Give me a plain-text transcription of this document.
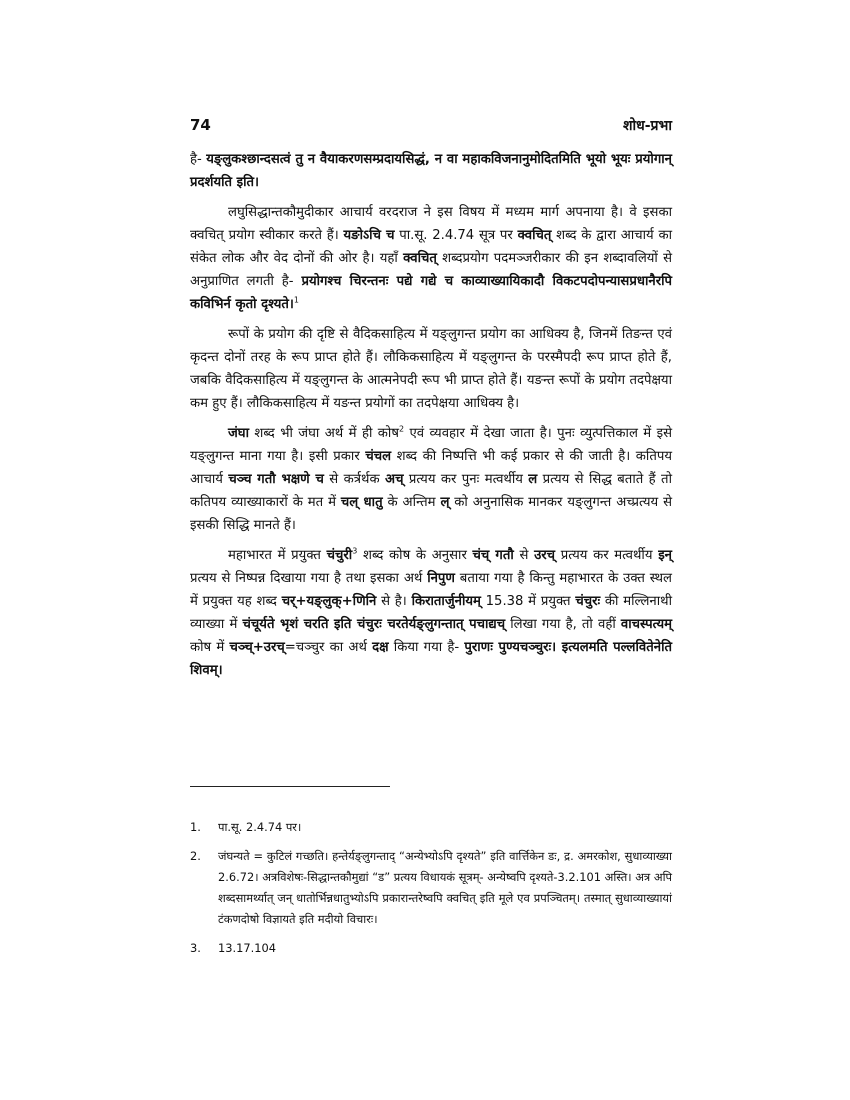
74	शोध-प्रभा

है- यङ्लुकश्छान्दसत्वं तु न वैयाकरणसम्प्रदायसिद्धं, न वा महाकविजनानुमोदितमिति भूयो भूयः प्रयोगान् प्रदर्शयति इति।

लघुसिद्धान्तकौमुदीकार आचार्य वरदराज ने इस विषय में मध्यम मार्ग अपनाया है। वे इसका क्वचित् प्रयोग स्वीकार करते हैं। यङोऽचि च पा.सू. 2.4.74 सूत्र पर क्वचित् शब्द के द्वारा आचार्य का संकेत लोक और वेद दोनों की ओर है। यहाँ क्वचित् शब्दप्रयोग पदमञ्जरीकार की इन शब्दावलियों से अनुप्राणित लगती है- प्रयोगश्च चिरन्तनः पद्ये गद्ये च काव्याख्यायिकादौ विकटपदोपन्यासप्रधानैरपि कविभिर्न कृतो दृश्यते।$^1$

रूपों के प्रयोग की दृष्टि से वैदिकसाहित्य में यङ्लुगन्त प्रयोग का आधिक्य है, जिनमें तिङन्त एवं कृदन्त दोनों तरह के रूप प्राप्त होते हैं। लौकिकसाहित्य में यङ्लुगन्त के परस्मैपदी रूप प्राप्त होते हैं, जबकि वैदिकसाहित्य में यङ्लुगन्त के आत्मनेपदी रूप भी प्राप्त होते हैं। यङन्त रूपों के प्रयोग तदपेक्षया कम हुए हैं। लौकिकसाहित्य में यङन्त प्रयोगों का तदपेक्षया आधिक्य है।

जंघा शब्द भी जंघा अर्थ में ही कोष$^2$ एवं व्यवहार में देखा जाता है। पुनः व्युत्पत्तिकाल में इसे यङ्लुगन्त माना गया है। इसी प्रकार चंचल शब्द की निष्पत्ति भी कई प्रकार से की जाती है। कतिपय आचार्य चञ्च गतौ भक्षणे च से कर्त्रर्थक अच् प्रत्यय कर पुनः मत्वर्थीय ल प्रत्यय से सिद्ध बताते हैं तो कतिपय व्याख्याकारों के मत में चल् धातु के अन्तिम ल् को अनुनासिक मानकर यङ्लुगन्त अच्प्रत्यय से इसकी सिद्धि मानते हैं।

महाभारत में प्रयुक्त चंचुरी$^3$ शब्द कोष के अनुसार चंच् गतौ से उरच् प्रत्यय कर मत्वर्थीय इन् प्रत्यय से निष्पन्न दिखाया गया है तथा इसका अर्थ निपुण बताया गया है किन्तु महाभारत के उक्त स्थल में प्रयुक्त यह शब्द चर्+यङ्लुक्+णिनि से है। किरातार्जुनीयम् 15.38 में प्रयुक्त चंचुरः की मल्लिनाथी व्याख्या में चंचूर्यते भृशं चरति इति चंचुरः चरतेर्यङ्लुगन्तात् पचाद्यच् लिखा गया है, तो वहीं वाचस्पत्यम् कोष में चञ्च्+उरच्=चञ्चुर का अर्थ दक्ष किया गया है- पुराणः पुण्यचञ्चुरः। इत्यलमति पल्लवितेनेति शिवम्।

1.	पा.सू. 2.4.74 पर।
2.	जंघन्यते = कुटिलं गच्छति। हन्तेर्यङ्लुगन्ताद् “अन्येभ्योऽपि दृश्यते” इति वार्त्तिकेन डः, द्र. अमरकोश, सुधाव्याख्या 2.6.72। अत्रविशेषः-सिद्धान्तकौमुद्यां “ड” प्रत्यय विधायकं सूत्रम्- अन्येष्वपि दृश्यते-3.2.101 अस्ति। अत्र अपि शब्दसामर्थ्यात् जन् धातोर्भिन्नधातुभ्योऽपि प्रकारान्तरेष्वपि क्वचित् इति मूले एव प्रपञ्चितम्। तस्मात् सुधाव्याख्यायां टंकणदोषो विज्ञायते इति मदीयो विचारः।
3.	13.17.104
